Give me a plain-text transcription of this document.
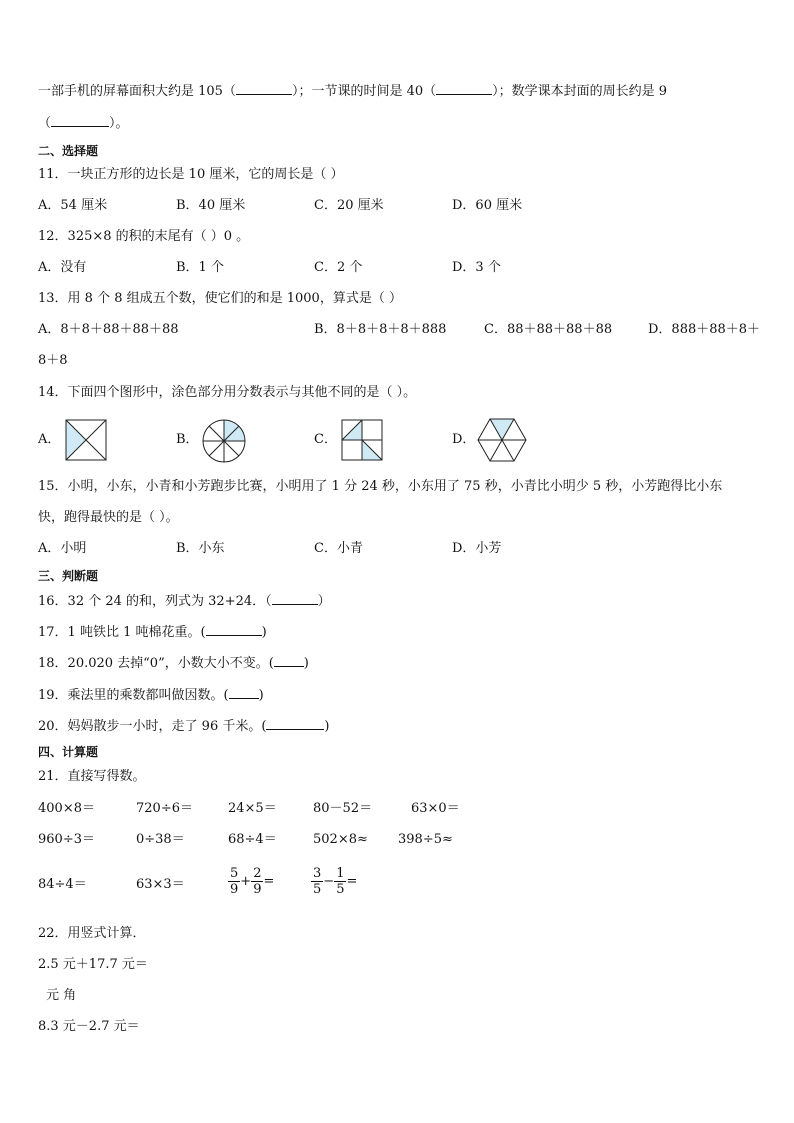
一部手机的屏幕面积大约是 105（	）；一节课的时间是 40（	）；数学课本封面的周长约是 9
（	）。
二、选择题
11．一块正方形的边长是 10 厘米，它的周长是（ ）
A．54 厘米	B．40 厘米	C．20 厘米	D．60 厘米
12．325×8 的积的末尾有（ ）0 。
A．没有	B．1 个	C．2 个	D．3 个
13．用 8 个 8 组成五个数，使它们的和是 1000，算式是（ ）
A．8＋8＋88＋88＋88	B．8＋8＋8＋8＋888	C．88＋88＋88＋88	D．888＋88＋8＋
8＋8
14．下面四个图形中，涂色部分用分数表示与其他不同的是（ ）。
A．	B．	C．	D．
15．小明，小东，小青和小芳跑步比赛，小明用了 1 分 24 秒，小东用了 75 秒，小青比小明少 5 秒，小芳跑得比小东
快，跑得最快的是（ ）。
A．小明	B．小东	C．小青	D．小芳
三、判断题
16．32 个 24 的和，列式为 32+24．（	）
17．1 吨铁比 1 吨棉花重。(	)
18．20.020 去掉“0”，小数大小不变。( )
19．乘法里的乘数都叫做因数。( )
20．妈妈散步一小时，走了 96 千米。(	)
四、计算题
21．直接写得数。
400×8＝	720÷6＝	24×5＝	80－52＝	63×0＝
960÷3＝	0÷38＝	68÷4＝	502×8≈ 398÷5≈
84÷4＝	63×3＝	$\frac{5}{9} + \frac{2}{9}$ =	$\frac{3}{5} - \frac{1}{5}$ =
22．用竖式计算．
2.5 元＋17.7 元＝
元 角
8.3 元－2.7 元＝
